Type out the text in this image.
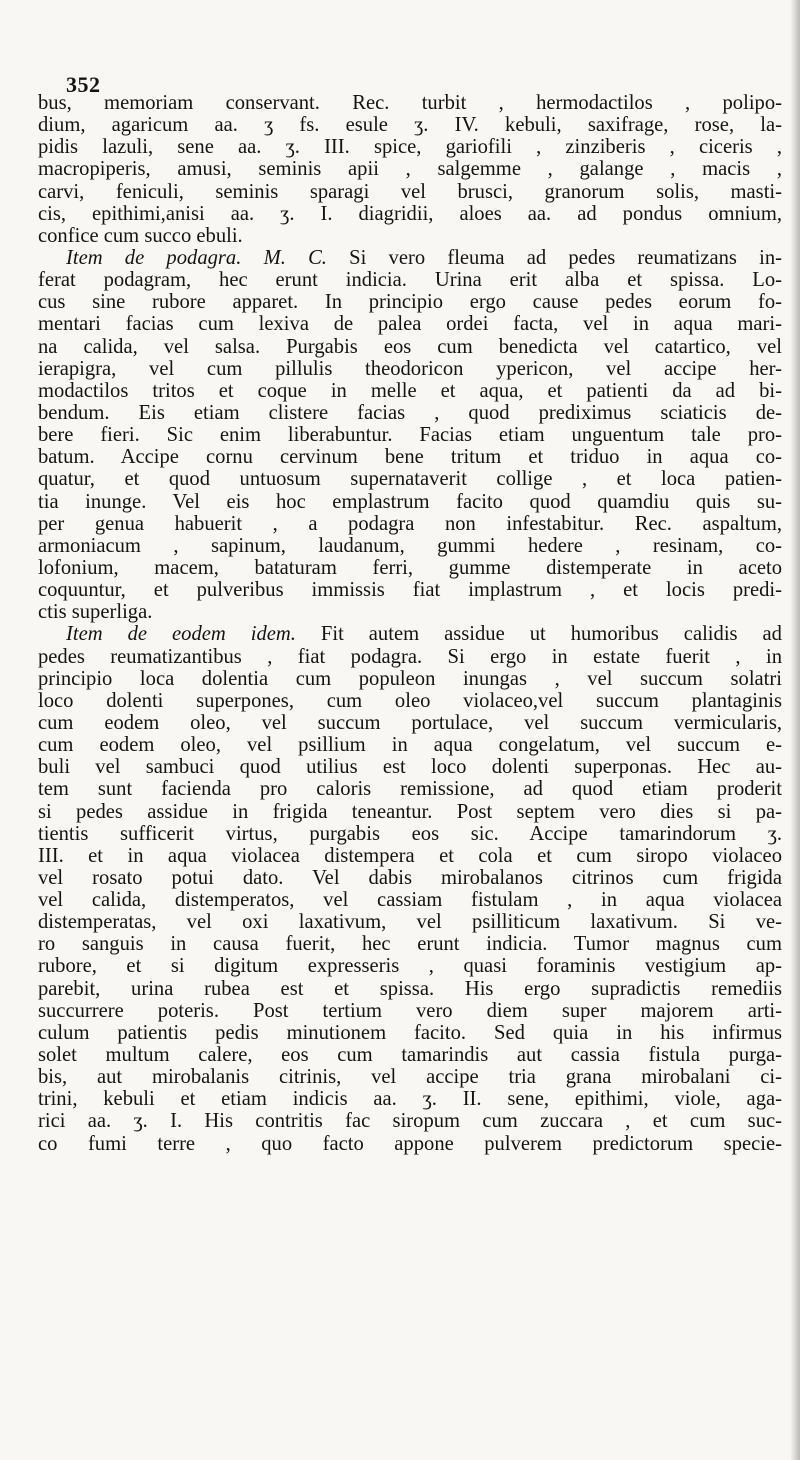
352
bus, memoriam conservant. Rec. turbit , hermodactilos , polipo-
dium, agaricum aa. ʒ fs. esule ʒ. IV. kebuli, saxifrage, rose, la-
pidis lazuli, sene aa. ʒ. III. spice, gariofili , zinziberis , ciceris ,
macropiperis, amusi, seminis apii , salgemme , galange , macis ,
carvi, feniculi, seminis sparagi vel brusci, granorum solis, masti-
cis, epithimi,anisi aa. ʒ. I. diagridii, aloes aa. ad pondus omnium,
confice cum succo ebuli.
Item de podagra. M. C. Si vero fleuma ad pedes reumatizans in-
ferat podagram, hec erunt indicia. Urina erit alba et spissa. Lo-
cus sine rubore apparet. In principio ergo cause pedes eorum fo-
mentari facias cum lexiva de palea ordei facta, vel in aqua mari-
na calida, vel salsa. Purgabis eos cum benedicta vel catartico, vel
ierapigra, vel cum pillulis theodoricon ypericon, vel accipe her-
modactilos tritos et coque in melle et aqua, et patienti da ad bi-
bendum. Eis etiam clistere facias , quod prediximus sciaticis de-
bere fieri. Sic enim liberabuntur. Facias etiam unguentum tale pro-
batum. Accipe cornu cervinum bene tritum et triduo in aqua co-
quatur, et quod untuosum supernataverit collige , et loca patien-
tia inunge. Vel eis hoc emplastrum facito quod quamdiu quis su-
per genua habuerit , a podagra non infestabitur. Rec. aspaltum,
armoniacum , sapinum, laudanum, gummi hedere , resinam, co-
lofonium, macem, bataturam ferri, gumme distemperate in aceto
coquuntur, et pulveribus immissis fiat implastrum , et locis predi-
ctis superliga.
Item de eodem idem. Fit autem assidue ut humoribus calidis ad
pedes reumatizantibus , fiat podagra. Si ergo in estate fuerit , in
principio loca dolentia cum populeon inungas , vel succum solatri
loco dolenti superpones, cum oleo violaceo,vel succum plantaginis
cum eodem oleo, vel succum portulace, vel succum vermicularis,
cum eodem oleo, vel psillium in aqua congelatum, vel succum e-
buli vel sambuci quod utilius est loco dolenti superponas. Hec au-
tem sunt facienda pro caloris remissione, ad quod etiam proderit
si pedes assidue in frigida teneantur. Post septem vero dies si pa-
tientis sufficerit virtus, purgabis eos sic. Accipe tamarindorum ʒ.
III. et in aqua violacea distempera et cola et cum siropo violaceo
vel rosato potui dato. Vel dabis mirobalanos citrinos cum frigida
vel calida, distemperatos, vel cassiam fistulam , in aqua violacea
distemperatas, vel oxi laxativum, vel psilliticum laxativum. Si ve-
ro sanguis in causa fuerit, hec erunt indicia. Tumor magnus cum
rubore, et si digitum expresseris , quasi foraminis vestigium ap-
parebit, urina rubea est et spissa. His ergo supradictis remediis
succurrere poteris. Post tertium vero diem super majorem arti-
culum patientis pedis minutionem facito. Sed quia in his infirmus
solet multum calere, eos cum tamarindis aut cassia fistula purga-
bis, aut mirobalanis citrinis, vel accipe tria grana mirobalani ci-
trini, kebuli et etiam indicis aa. ʒ. II. sene, epithimi, viole, aga-
rici aa. ʒ. I. His contritis fac siropum cum zuccara , et cum suc-
co fumi terre , quo facto appone pulverem predictorum specie-
